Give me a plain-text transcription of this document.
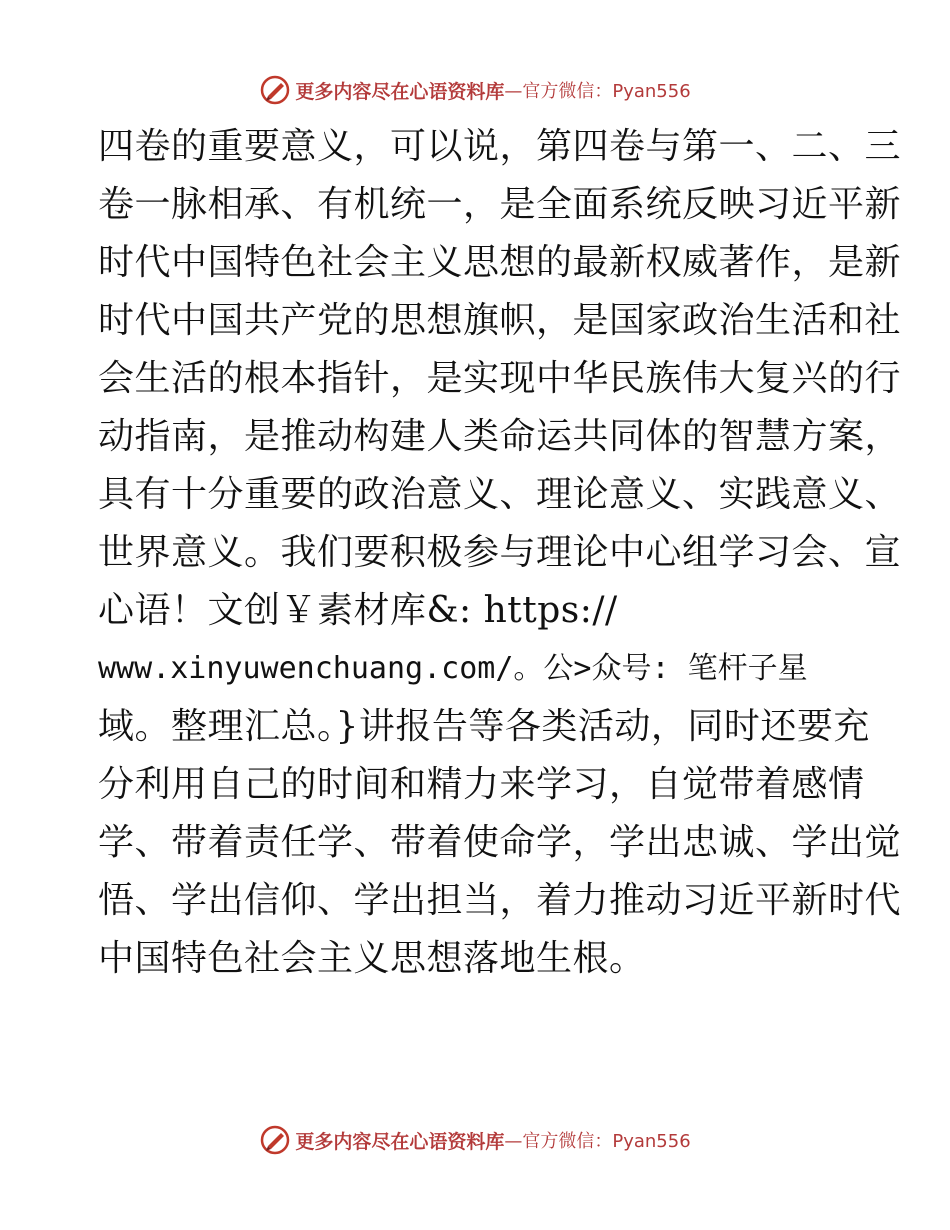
更多内容尽在心语资料库 —官方微信：Pyan556
四卷的重要意义，可以说，第四卷与第一、二、三
卷一脉相承、有机统一，是全面系统反映习近平新
时代中国特色社会主义思想的最新权威著作，是新
时代中国共产党的思想旗帜，是国家政治生活和社
会生活的根本指针，是实现中华民族伟大复兴的行
动指南，是推动构建人类命运共同体的智慧方案，
具有十分重要的政治意义、理论意义、实践意义、
世界意义。我们要积极参与理论中心组学习会、宣
心语！文创￥素材库&: https://
www.xinyuwenchuang.com/。公>众号: 笔杆子星
域。整理汇总。}讲报告等各类活动，同时还要充
分利用自己的时间和精力来学习，自觉带着感情
学、带着责任学、带着使命学，学出忠诚、学出觉
悟、学出信仰、学出担当，着力推动习近平新时代
中国特色社会主义思想落地生根。
更多内容尽在心语资料库 —官方微信：Pyan556
